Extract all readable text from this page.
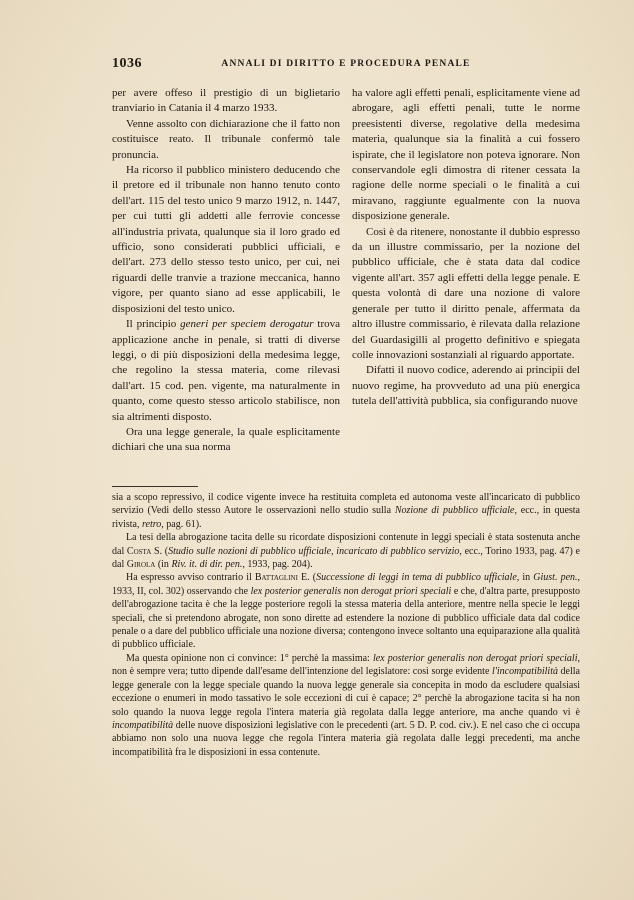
1036	ANNALI DI DIRITTO E PROCEDURA PENALE

per avere offeso il prestigio di un biglietario tranviario in Catania il 4 marzo 1933.

Venne assolto con dichiarazione che il fatto non costituisce reato. Il tribunale confermò tale pronuncia.

Ha ricorso il pubblico ministero deducendo che il pretore ed il tribunale non hanno tenuto conto dell'art. 115 del testo unico 9 marzo 1912, n. 1447, per cui tutti gli addetti alle ferrovie concesse all'industria privata, qualunque sia il loro grado ed ufficio, sono considerati pubblici ufficiali, e dell'art. 273 dello stesso testo unico, per cui, nei riguardi delle tranvie a trazione meccanica, hanno vigore, per quanto siano ad esse applicabili, le disposizioni del testo unico.

Il principio generi per speciem derogatur trova applicazione anche in penale, si tratti di diverse leggi, o di più disposizioni della medesima legge, che regolino la stessa materia, come rilevasi dall'art. 15 cod. pen. vigente, ma naturalmente in quanto, come questo stesso articolo stabilisce, non sia altrimenti disposto.

Ora una legge generale, la quale esplicitamente dichiari che una sua norma

ha valore agli effetti penali, esplicitamente viene ad abrogare, agli effetti penali, tutte le norme preesistenti diverse, regolative della medesima materia, qualunque sia la finalità a cui fossero ispirate, che il legislatore non poteva ignorare. Non conservandole egli dimostra di ritener cessata la ragione delle norme speciali o le finalità a cui miravano, raggiunte egualmente con la nuova disposizione generale.

Così è da ritenere, nonostante il dubbio espresso da un illustre commissario, per la nozione del pubblico ufficiale, che è stata data dal codice vigente all'art. 357 agli effetti della legge penale. E questa volontà di dare una nozione di valore generale per tutto il diritto penale, affermata da altro illustre commissario, è rilevata dalla relazione del Guardasigilli al progetto definitivo e spiegata colle innovazioni sostanziali al riguardo apportate.

Difatti il nuovo codice, aderendo ai principii del nuovo regime, ha provveduto ad una più energica tutela dell'attività pubblica, sia configurando nuove

sia a scopo repressivo, il codice vigente invece ha restituita completa ed autonoma veste all'incaricato di pubblico servizio (Vedi dello stesso Autore le osservazioni nello studio sulla Nozione di pubblico ufficiale, ecc., in questa rivista, retro, pag. 61).

La tesi della abrogazione tacita delle su ricordate disposizioni contenute in leggi speciali è stata sostenuta anche dal Costa S. (Studio sulle nozioni di pubblico ufficiale, incaricato di pubblico servizio, ecc., Torino 1933, pag. 47) e dal Girola (in Riv. it. di dir. pen., 1933, pag. 204).

Ha espresso avviso contrario il Battaglini E. (Successione di leggi in tema di pubblico ufficiale, in Giust. pen., 1933, II, col. 302) osservando che lex posterior generalis non derogat priori speciali e che, d'altra parte, presupposto dell'abrogazione tacita è che la legge posteriore regoli la stessa materia della anteriore, mentre nella specie le leggi speciali, che si pretendono abrogate, non sono dirette ad estendere la nozione di pubblico ufficiale data dal codice penale o a dare del pubblico ufficiale una nozione diversa; contengono invece soltanto una equiparazione alla qualità di pubblico ufficiale.

Ma questa opinione non ci convince: 1° perchè la massima: lex posterior generalis non derogat priori speciali, non è sempre vera; tutto dipende dall'esame dell'intenzione del legislatore: così sorge evidente l'incompatibilità della legge generale con la legge speciale quando la nuova legge generale sia concepita in modo da escludere qualsiasi eccezione o enumeri in modo tassativo le sole eccezioni di cui è capace; 2° perchè la abrogazione tacita si ha non solo quando la nuova legge regola l'intera materia già regolata dalla legge anteriore, ma anche quando vi è incompatibilità delle nuove disposizioni legislative con le precedenti (art. 5 D. P. cod. civ.). E nel caso che ci occupa abbiamo non solo una nuova legge che regola l'intera materia già regolata dalle leggi precedenti, ma anche incompatibilità fra le disposizioni in essa contenute.
